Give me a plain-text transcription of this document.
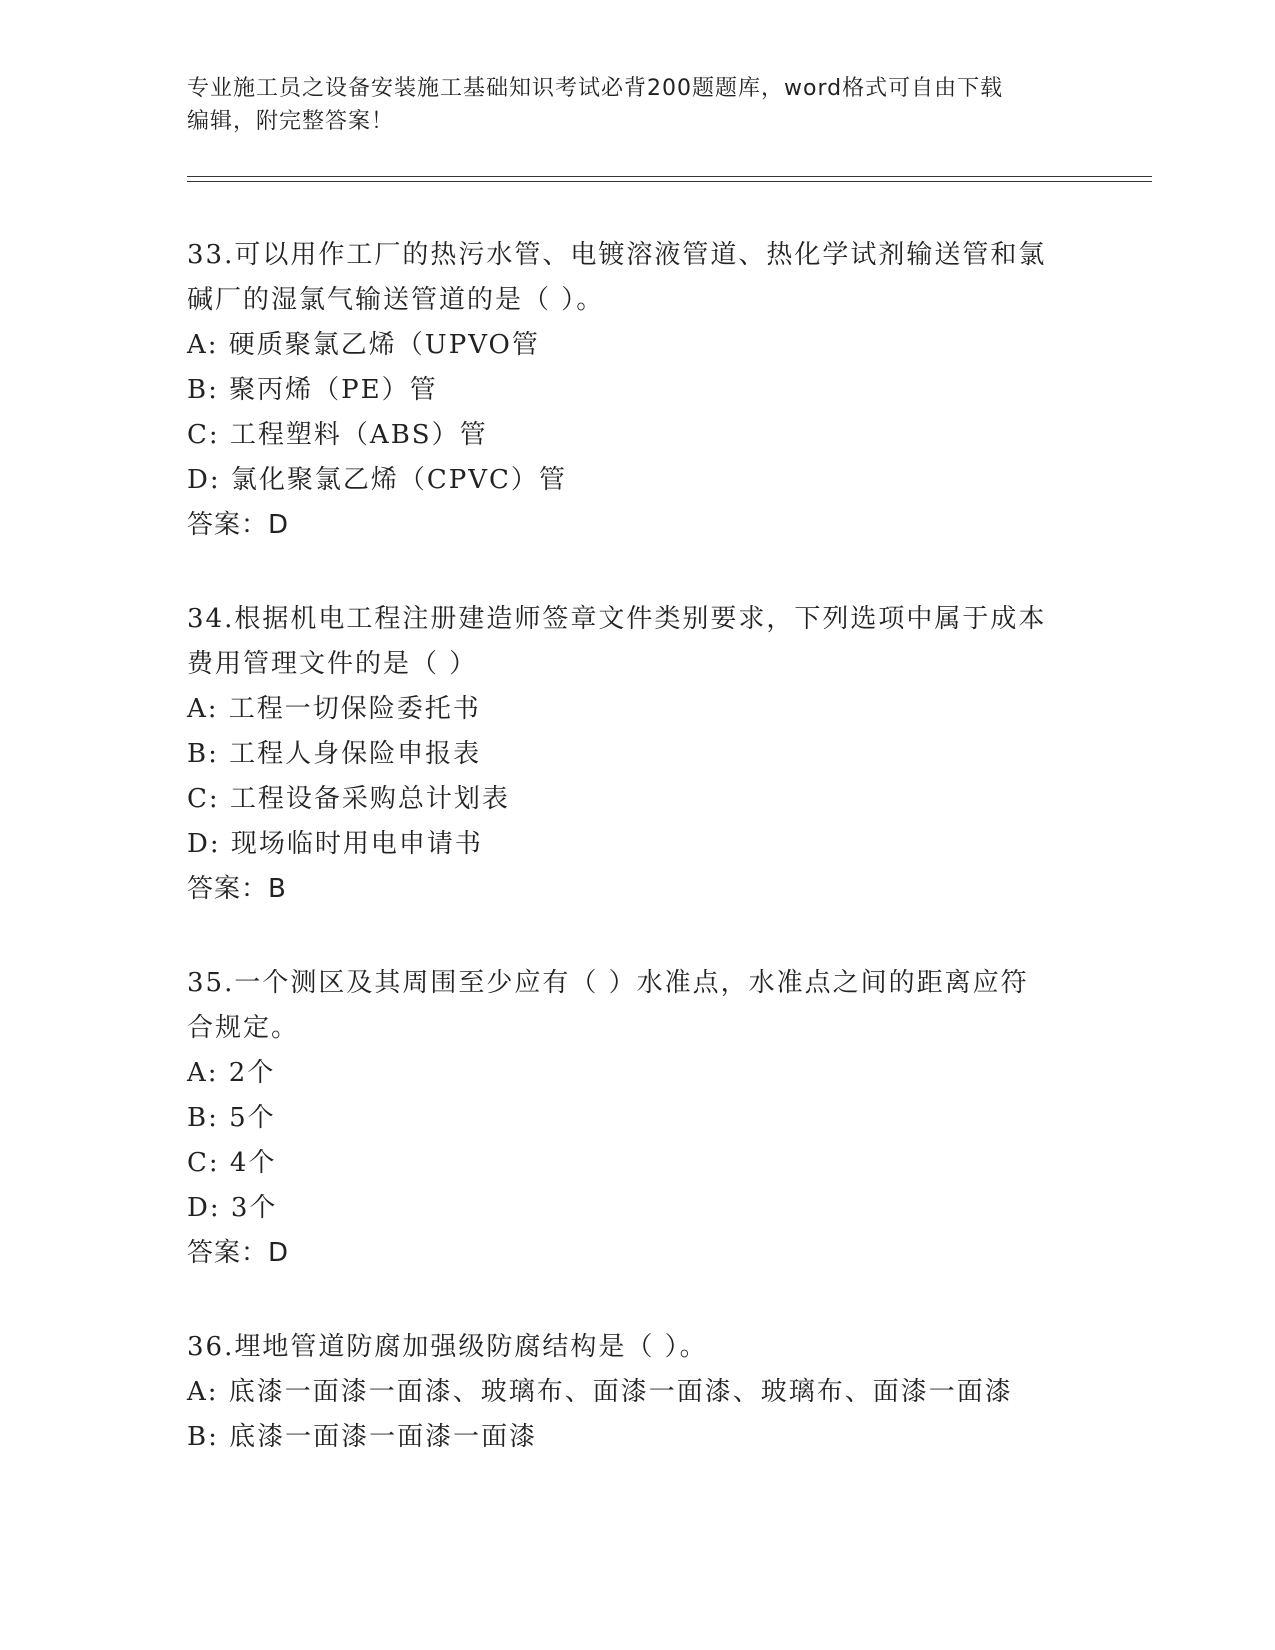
专业施工员之设备安装施工基础知识考试必背200题题库，word格式可自由下载
编辑，附完整答案！
33.可以用作工厂的热污水管、电镀溶液管道、热化学试剂输送管和氯
碱厂的湿氯气输送管道的是（ ）。
A: 硬质聚氯乙烯（UPVO管
B: 聚丙烯（PE）管
C: 工程塑料（ABS）管
D: 氯化聚氯乙烯（CPVC）管
答案：D
34.根据机电工程注册建造师签章文件类别要求，下列选项中属于成本
费用管理文件的是（ ）
A: 工程一切保险委托书
B: 工程人身保险申报表
C: 工程设备采购总计划表
D: 现场临时用电申请书
答案：B
35.一个测区及其周围至少应有（ ）水准点，水准点之间的距离应符
合规定。
A: 2个
B: 5个
C: 4个
D: 3个
答案：D
36.埋地管道防腐加强级防腐结构是（ ）。
A: 底漆一面漆一面漆、玻璃布、面漆一面漆、玻璃布、面漆一面漆
B: 底漆一面漆一面漆一面漆
